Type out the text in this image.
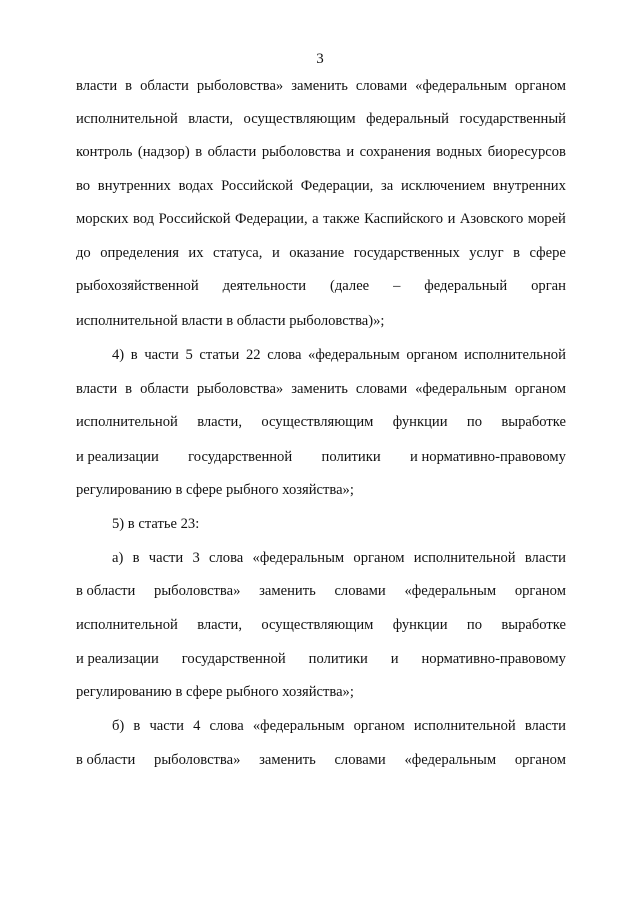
3
власти в области рыболовства» заменить словами «федеральным органом
исполнительной власти, осуществляющим федеральный государственный
контроль (надзор) в области рыболовства и сохранения водных биоресурсов
во внутренних водах Российской Федерации, за исключением внутренних
морских вод Российской Федерации, а также Каспийского и Азовского морей
до определения их статуса, и оказание государственных услуг в сфере
рыбохозяйственной деятельности (далее – федеральный орган
исполнительной власти в области рыболовства)»;
4) в части 5 статьи 22 слова «федеральным органом исполнительной
власти в области рыболовства» заменить словами «федеральным органом
исполнительной власти, осуществляющим функции по выработке
и реализации государственной политики и нормативно-правовому
регулированию в сфере рыбного хозяйства»;
5) в статье 23:
а) в части 3 слова «федеральным органом исполнительной власти
в области рыболовства» заменить словами «федеральным органом
исполнительной власти, осуществляющим функции по выработке
и реализации государственной политики и нормативно-правовому
регулированию в сфере рыбного хозяйства»;
б) в части 4 слова «федеральным органом исполнительной власти
в области рыболовства» заменить словами «федеральным органом
